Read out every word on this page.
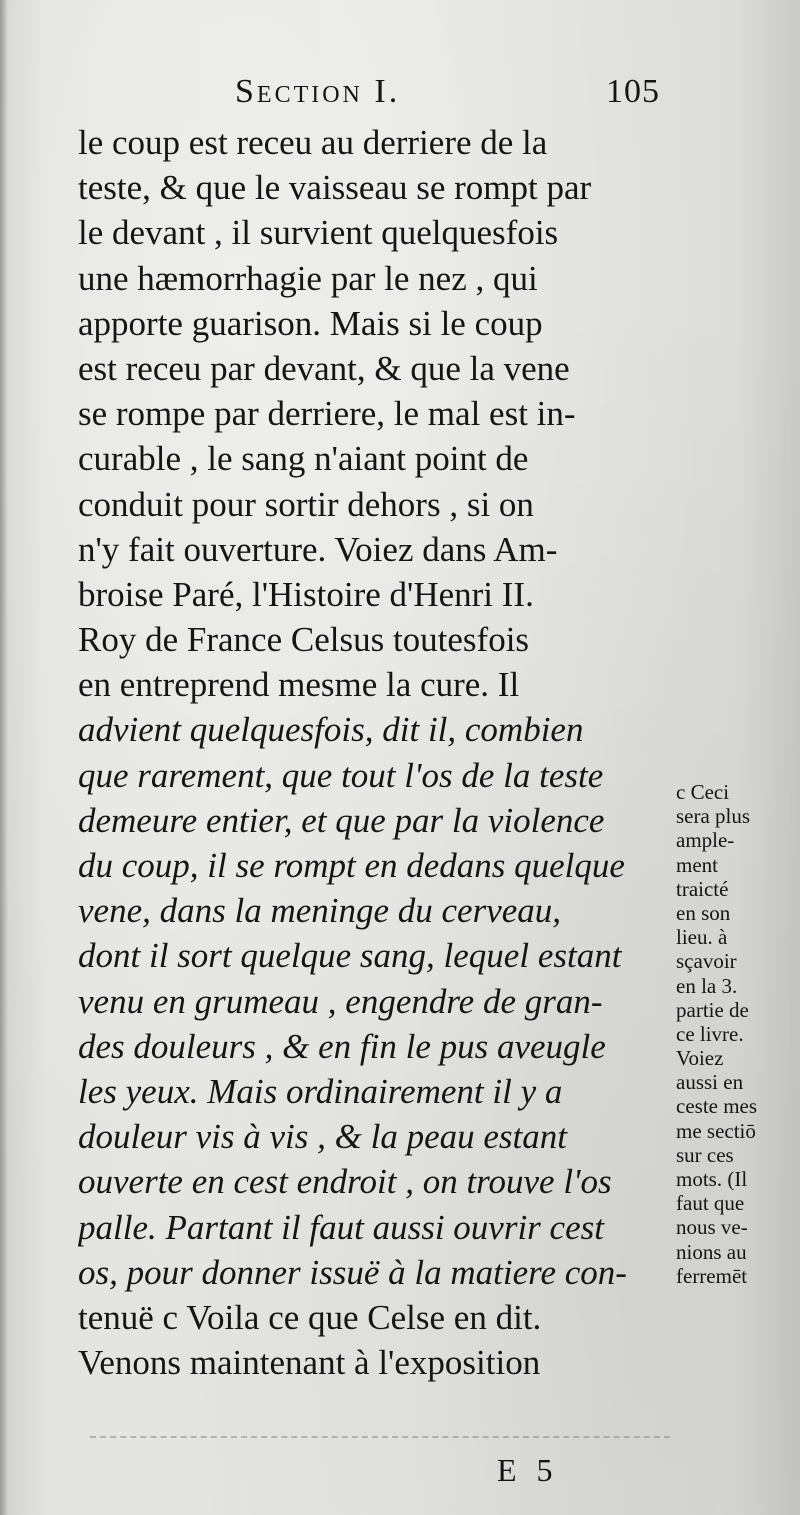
Section I.	105
le coup est receu au derriere de la
teste, & que le vaisseau se rompt par
le devant , il survient quelquesfois
une hæmorrhagie par le nez , qui
apporte guarison. Mais si le coup
est receu par devant, & que la vene
se rompe par derriere, le mal est in-
curable , le sang n'aiant point de
conduit pour sortir dehors , si on
n'y fait ouverture. Voiez dans Am-
broise Paré, l'Histoire d'Henri II.
Roy de France Celsus toutesfois
en entreprend mesme la cure. Il
advient quelquesfois, dit il, combien
que rarement, que tout l'os de la teste
demeure entier, et que par la violence
du coup, il se rompt en dedans quelque
vene, dans la meninge du cerveau,
dont il sort quelque sang, lequel estant
venu en grumeau , engendre de gran-
des douleurs , & en fin le pus aveugle
les yeux. Mais ordinairement il y a
douleur vis à vis , & la peau estant
ouverte en cest endroit , on trouve l'os
palle. Partant il faut aussi ouvrir cest
os, pour donner issuë à la matiere con-
tenuë c Voila ce que Celse en dit.
Venons maintenant à l'exposition
c Ceci
sera plus
ample-
ment
traicté
en son
lieu. à
sçavoir
en la 3.
partie de
ce livre.
Voiez
aussi en
ceste mes
me sectiō
sur ces
mots. (Il
faut que
nous ve-
nions au
ferremēt
E 5
